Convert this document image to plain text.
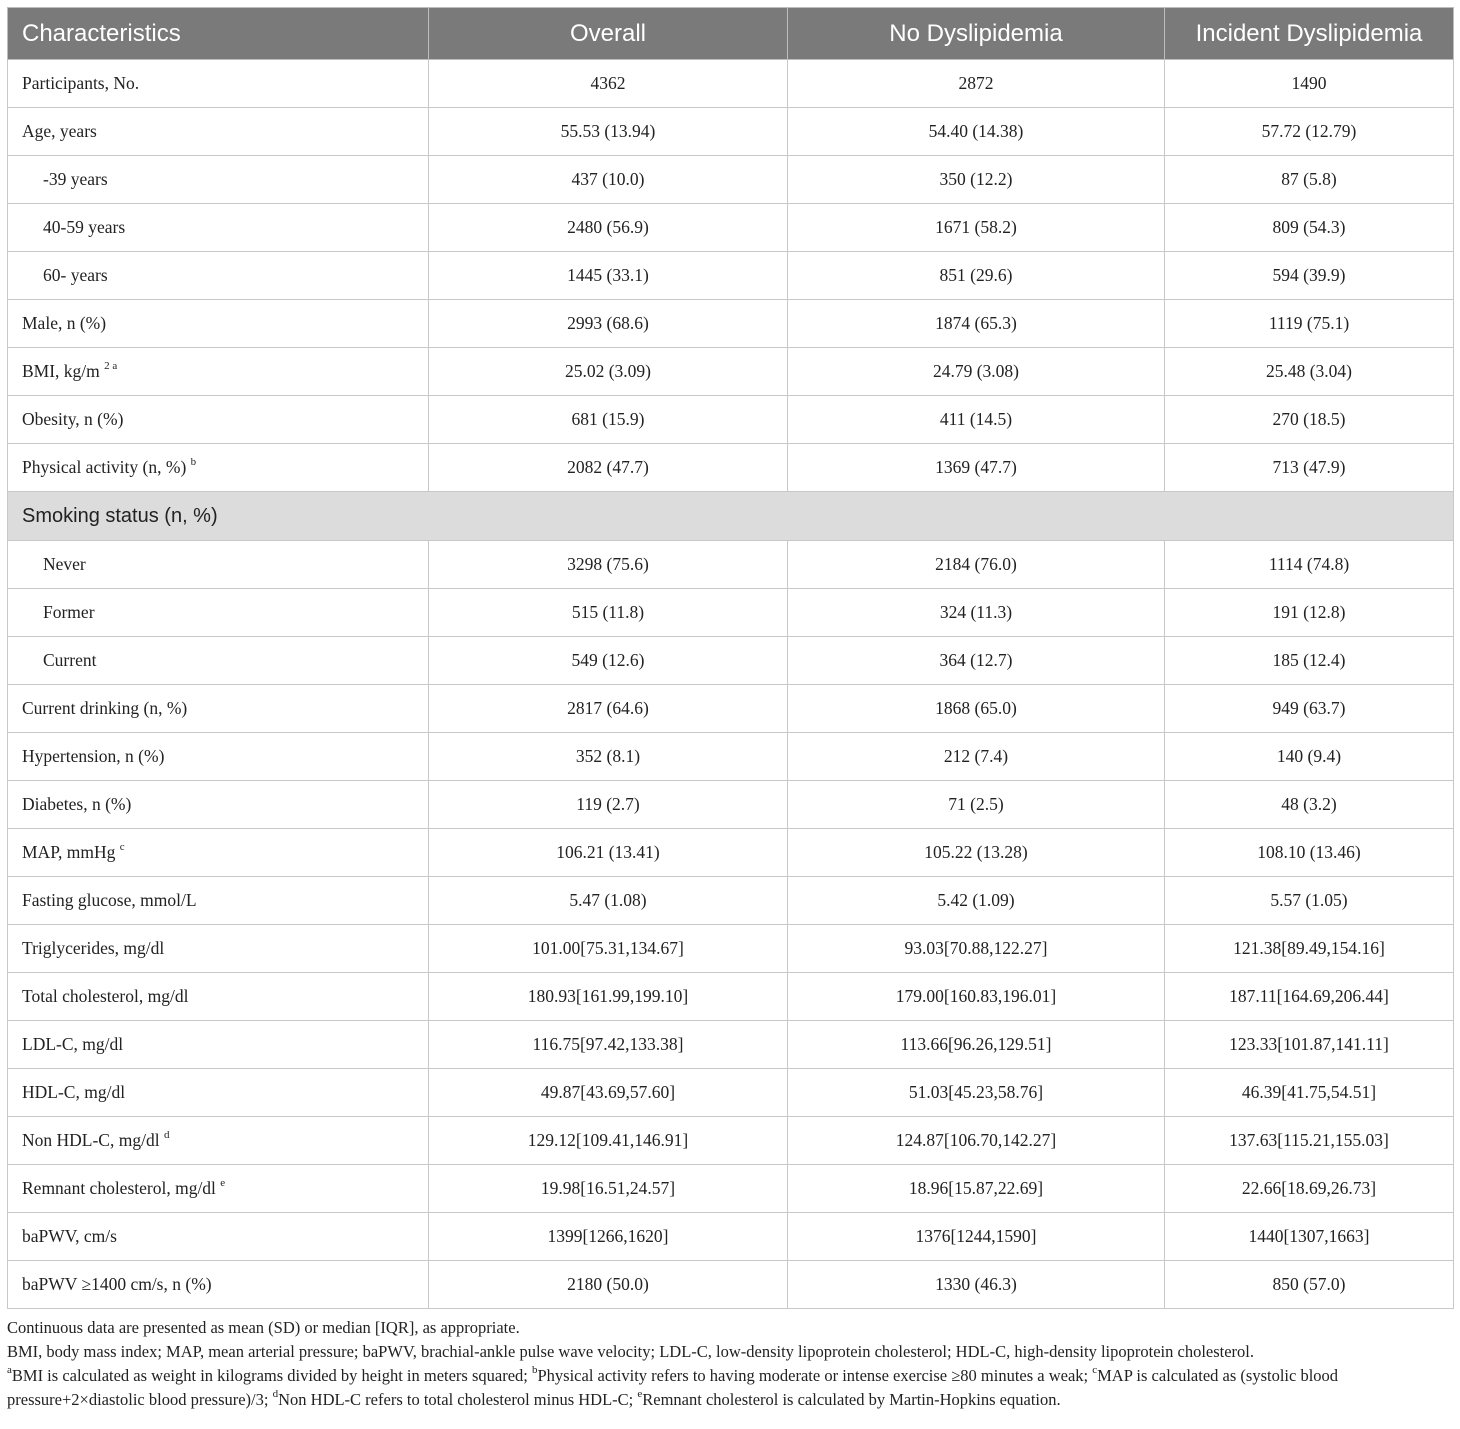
Characteristics	Overall	No Dyslipidemia	Incident Dyslipidemia
Participants, No.	4362	2872	1490
Age, years	55.53 (13.94)	54.40 (14.38)	57.72 (12.79)
-39 years	437 (10.0)	350 (12.2)	87 (5.8)
40-59 years	2480 (56.9)	1671 (58.2)	809 (54.3)
60- years	1445 (33.1)	851 (29.6)	594 (39.9)
Male, n (%)	2993 (68.6)	1874 (65.3)	1119 (75.1)
BMI, kg/m $^{2 a}$	25.02 (3.09)	24.79 (3.08)	25.48 (3.04)
Obesity, n (%)	681 (15.9)	411 (14.5)	270 (18.5)
Physical activity (n, %) $^b$	2082 (47.7)	1369 (47.7)	713 (47.9)
Smoking status (n, %)			
Never	3298 (75.6)	2184 (76.0)	1114 (74.8)
Former	515 (11.8)	324 (11.3)	191 (12.8)
Current	549 (12.6)	364 (12.7)	185 (12.4)
Current drinking (n, %)	2817 (64.6)	1868 (65.0)	949 (63.7)
Hypertension, n (%)	352 (8.1)	212 (7.4)	140 (9.4)
Diabetes, n (%)	119 (2.7)	71 (2.5)	48 (3.2)
MAP, mmHg $^c$	106.21 (13.41)	105.22 (13.28)	108.10 (13.46)
Fasting glucose, mmol/L	5.47 (1.08)	5.42 (1.09)	5.57 (1.05)
Triglycerides, mg/dl	101.00[75.31,134.67]	93.03[70.88,122.27]	121.38[89.49,154.16]
Total cholesterol, mg/dl	180.93[161.99,199.10]	179.00[160.83,196.01]	187.11[164.69,206.44]
LDL-C, mg/dl	116.75[97.42,133.38]	113.66[96.26,129.51]	123.33[101.87,141.11]
HDL-C, mg/dl	49.87[43.69,57.60]	51.03[45.23,58.76]	46.39[41.75,54.51]
Non HDL-C, mg/dl $^d$	129.12[109.41,146.91]	124.87[106.70,142.27]	137.63[115.21,155.03]
Remnant cholesterol, mg/dl $^e$	19.98[16.51,24.57]	18.96[15.87,22.69]	22.66[18.69,26.73]
baPWV, cm/s	1399[1266,1620]	1376[1244,1590]	1440[1307,1663]
baPWV ≥1400 cm/s, n (%)	2180 (50.0)	1330 (46.3)	850 (57.0)

Continuous data are presented as mean (SD) or median [IQR], as appropriate.

BMI, body mass index; MAP, mean arterial pressure; baPWV, brachial-ankle pulse wave velocity; LDL-C, low-density lipoprotein cholesterol; HDL-C, high-density lipoprotein cholesterol.

$^a$BMI is calculated as weight in kilograms divided by height in meters squared; $^b$Physical activity refers to having moderate or intense exercise ≥80 minutes a weak; $^c$MAP is calculated as (systolic blood pressure+2×diastolic blood pressure)/3; $^d$Non HDL-C refers to total cholesterol minus HDL-C; $^e$Remnant cholesterol is calculated by Martin-Hopkins equation.
